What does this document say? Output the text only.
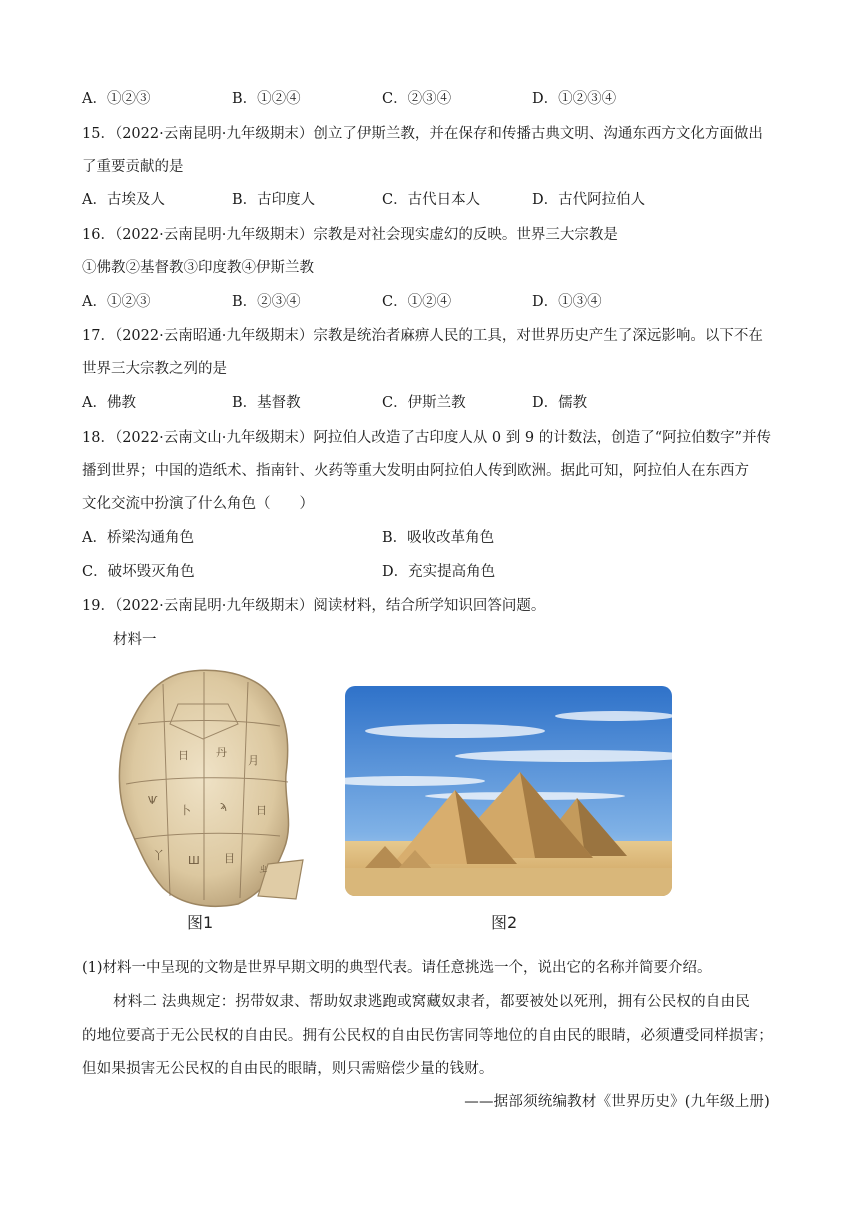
A．①②③	B．①②④	C．②③④	D．①②③④
15．（2022·云南昆明·九年级期末）创立了伊斯兰教，并在保存和传播古典文明、沟通东西方文化方面做出
了重要贡献的是
A．古埃及人	B．古印度人	C．古代日本人	D．古代阿拉伯人
16．（2022·云南昆明·九年级期末）宗教是对社会现实虚幻的反映。世界三大宗教是
①佛教②基督教③印度教④伊斯兰教
A．①②③	B．②③④	C．①②④	D．①③④
17．（2022·云南昭通·九年级期末）宗教是统治者麻痹人民的工具，对世界历史产生了深远影响。以下不在
世界三大宗教之列的是
A．佛教	B．基督教	C．伊斯兰教	D．儒教
18．（2022·云南文山·九年级期末）阿拉伯人改造了古印度人从 0 到 9 的计数法，创造了“阿拉伯数字”并传
播到世界；中国的造纸术、指南针、火药等重大发明由阿拉伯人传到欧洲。据此可知，阿拉伯人在东西方
文化交流中扮演了什么角色（　　）
A．桥梁沟通角色	B．吸收改革角色
C．破坏毁灭角色	D．充实提高角色
19．（2022·云南昆明·九年级期末）阅读材料，结合所学知识回答问题。
材料一
日 丹
月
Ѱ
卜	ϡ	日
丫 Ш 目
ㄓ
图1	图2
(1)材料一中呈现的文物是世界早期文明的典型代表。请任意挑选一个，说出它的名称并简要介绍。
材料二 法典规定：拐带奴隶、帮助奴隶逃跑或窝藏奴隶者，都要被处以死刑，拥有公民权的自由民
的地位要高于无公民权的自由民。拥有公民权的自由民伤害同等地位的自由民的眼睛，必须遭受同样损害；
但如果损害无公民权的自由民的眼睛，则只需赔偿少量的钱财。
——据部须统编教材《世界历史》(九年级上册)
